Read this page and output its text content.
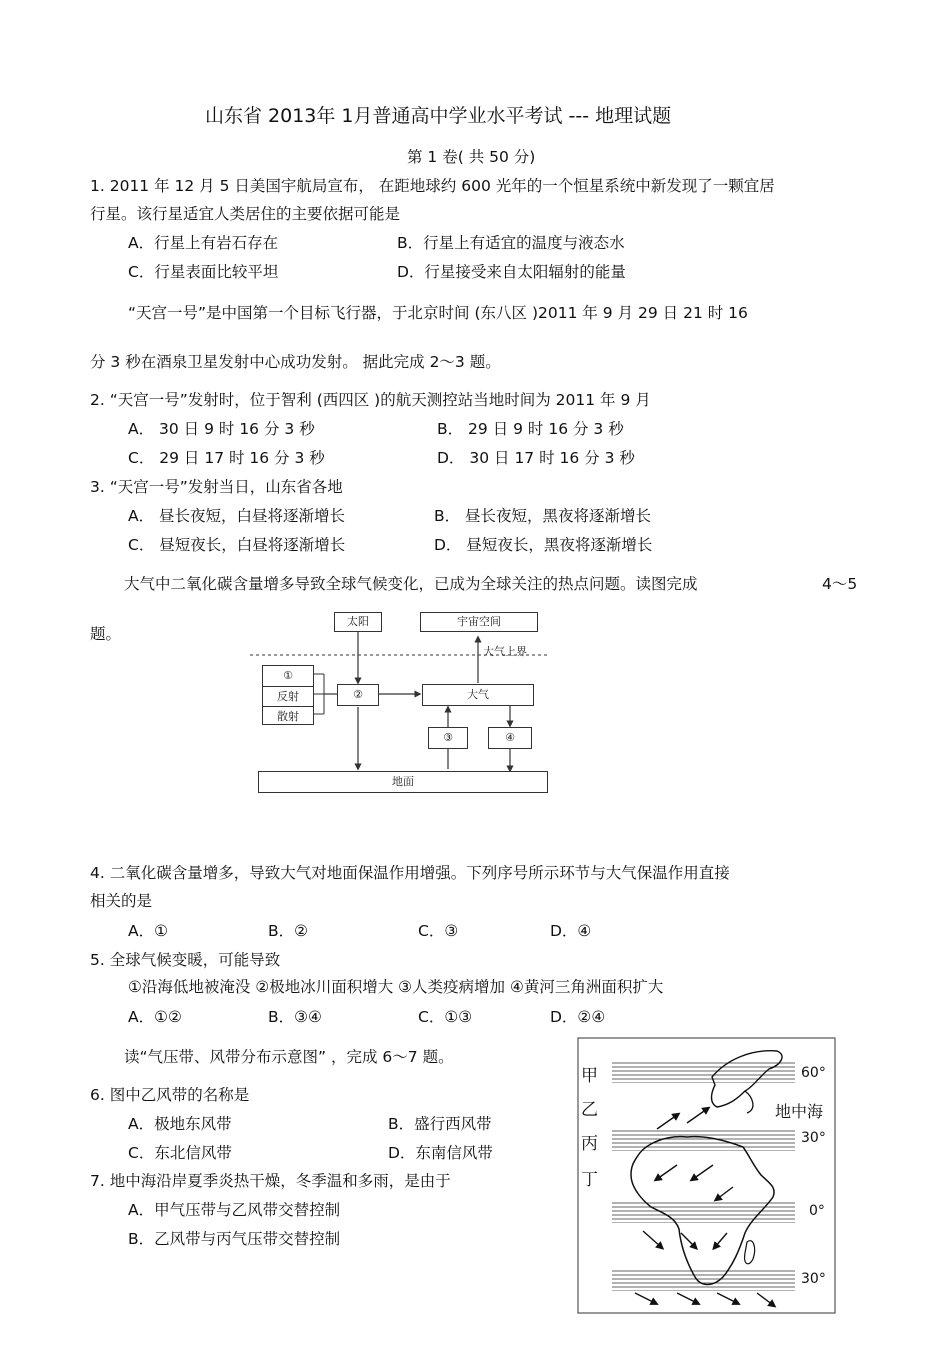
山东省 2013年 1月普通高中学业水平考试 --- 地理试题
第 1 卷( 共 50 分)
1. 2011 年 12 月 5 日美国宇航局宣布， 在距地球约 600 光年的一个恒星系统中新发现了一颗宜居
行星。该行星适宜人类居住的主要依据可能是
A．行星上有岩石存在	B．行星上有适宜的温度与液态水
C．行星表面比较平坦	D．行星接受来自太阳辐射的能量
“天宫一号”是中国第一个目标飞行器，于北京时间 (东八区 )2011 年 9 月 29 日 21 时 16
分 3 秒在酒泉卫星发射中心成功发射。 据此完成 2～3 题。
2. “天宫一号”发射时，位于智利 (西四区 )的航天测控站当地时间为 2011 年 9 月
A． 30 日 9 时 16 分 3 秒	B． 29 日 9 时 16 分 3 秒
C． 29 日 17 时 16 分 3 秒	D． 30 日 17 时 16 分 3 秒
3. “天宫一号”发射当日，山东省各地
A． 昼长夜短，白昼将逐渐增长	B． 昼长夜短，黑夜将逐渐增长
C． 昼短夜长，白昼将逐渐增长	D． 昼短夜长，黑夜将逐渐增长
大气中二氧化碳含量增多导致全球气候变化，已成为全球关注的热点问题。读图完成	4～5
题。
太阳	宇宙空间
大气上界
①
反射
散射
②	大气
③	④
地面
4. 二氧化碳含量增多，导致大气对地面保温作用增强。下列序号所示环节与大气保温作用直接
相关的是
A．①	B．②	C．③	D．④
5. 全球气候变暖，可能导致
①沿海低地被淹没 ②极地冰川面积增大 ③人类疫病增加 ④黄河三角洲面积扩大
A．①②	B．③④	C．①③	D．②④
读“气压带、风带分布示意图” ，完成 6～7 题。
6. 图中乙风带的名称是
A．极地东风带	B．盛行西风带
C．东北信风带	D．东南信风带
7. 地中海沿岸夏季炎热干燥，冬季温和多雨，是由于
A．甲气压带与乙风带交替控制
B．乙风带与丙气压带交替控制
甲
乙
丙
丁
60°
地中海
30°
0°
30°
